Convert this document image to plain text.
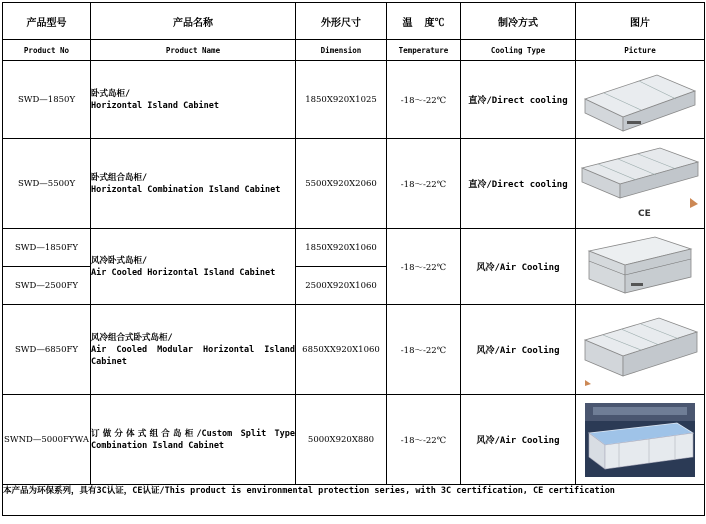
产品型号	产品名称	外形尺寸	温  度℃	制冷方式	图片
Product No	Product Name	Dimension	Temperature	Cooling Type	Picture
SWD—1850Y	卧式岛柜/
Horizontal Island Cabinet	1850X920X1025	-18～-22℃	直冷/Direct cooling	

SWD—5500Y	卧式组合岛柜/
Horizontal Combination Island Cabinet	5500X920X2060	-18～-22℃	直冷/Direct cooling	CE

SWD—1850FY	风冷卧式岛柜/
Air Cooled Horizontal Island Cabinet	1850X920X1060	-18～-22℃	风冷/Air Cooling	

SWD—2500FY		2500X920X1060			
SWD—6850FY	风冷组合式卧式岛柜/
Air Cooled Modular Horizontal Island Cabinet	6850XX920X1060	-18～-22℃	风冷/Air Cooling	

SWND—5000FYWA	订做分体式组合岛柜/Custom Split Type Combination Island Cabinet	5000X920X880	-18～-22℃	风冷/Air Cooling	

本产品为环保系列，具有3C认证，CE认证/This product is environmental protection series, with 3C certification, CE certification					
